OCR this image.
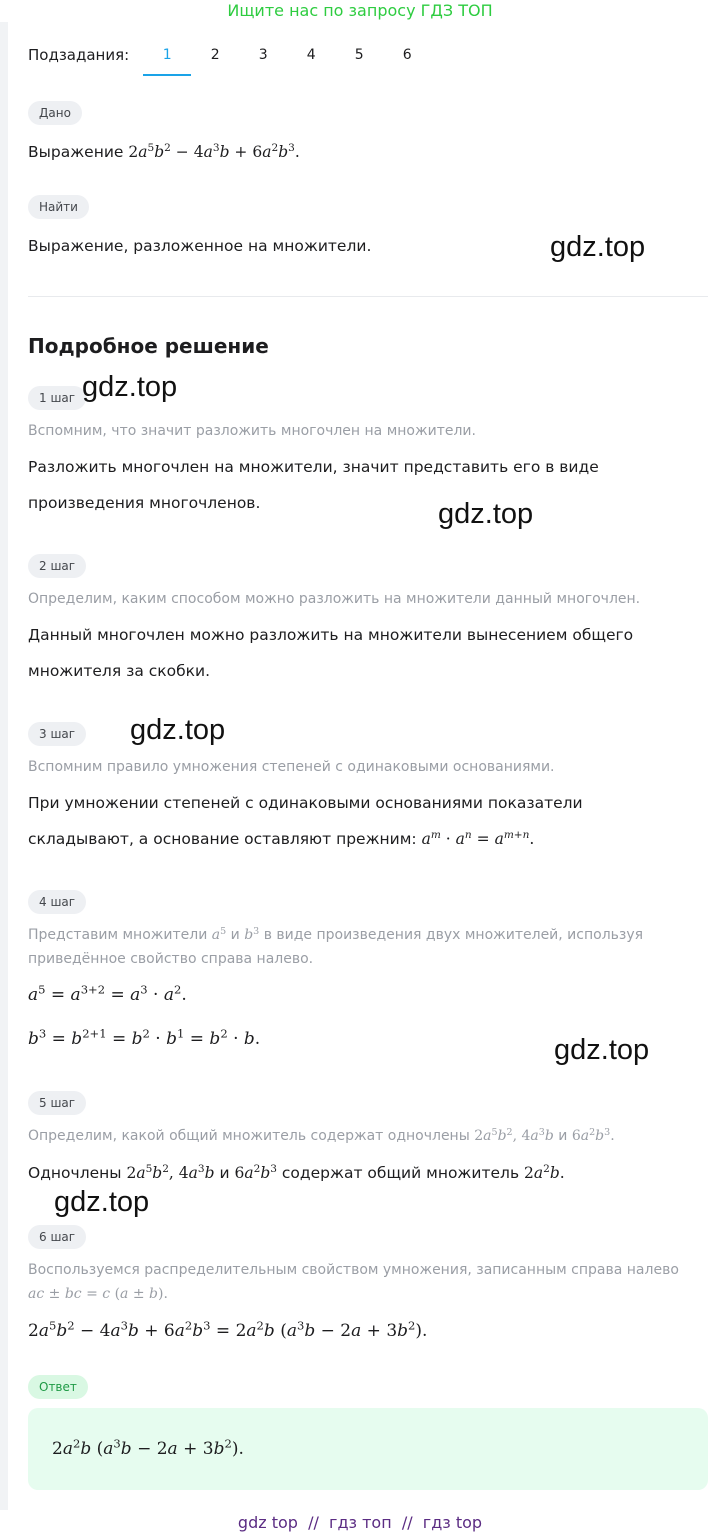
Ищите нас по запросу ГДЗ ТОП
Подзадания:	1	2	3	4	5	6
Дано
Выражение $2a^5b^2 - 4a^3b + 6a^2b^3$.
Найти
Выражение, разложенное на множители.
Подробное решение
1 шаг
Вспомним, что значит разложить многочлен на множители.
Разложить многочлен на множители, значит представить его в виде
произведения многочленов.
2 шаг
Определим, каким способом можно разложить на множители данный многочлен.
Данный многочлен можно разложить на множители вынесением общего
множителя за скобки.
3 шаг
Вспомним правило умножения степеней с одинаковыми основаниями.
При умножении степеней с одинаковыми основаниями показатели
складывают, а основание оставляют прежним: $a^m \cdot a^n = a^{m+n}$.
4 шаг
Представим множители $a^5$ и $b^3$ в виде произведения двух множителей, используя
приведённое свойство справа налево.
$a^5 = a^{3+2} = a^3 \cdot a^2$.
$b^3 = b^{2+1} = b^2 \cdot b^1 = b^2 \cdot b$.
5 шаг
Определим, какой общий множитель содержат одночлены $2a^5b^2$, $4a^3b$ и $6a^2b^3$.
Одночлены $2a^5b^2$, $4a^3b$ и $6a^2b^3$ содержат общий множитель $2a^2b$.
6 шаг
Воспользуемся распределительным свойством умножения, записанным справа налево
ac ± bc = c (a ± b).
$2a^5b^2 - 4a^3b + 6a^2b^3 = 2a^2b$ $(a^3b - 2a + 3b^2)$.
Ответ
$2a^2b$ $(a^3b - 2a + 3b^2)$.
gdz.top
gdz.top
gdz.top
gdz.top
gdz.top
gdz.top
gdz top  //  гдз топ  //  гдз top
